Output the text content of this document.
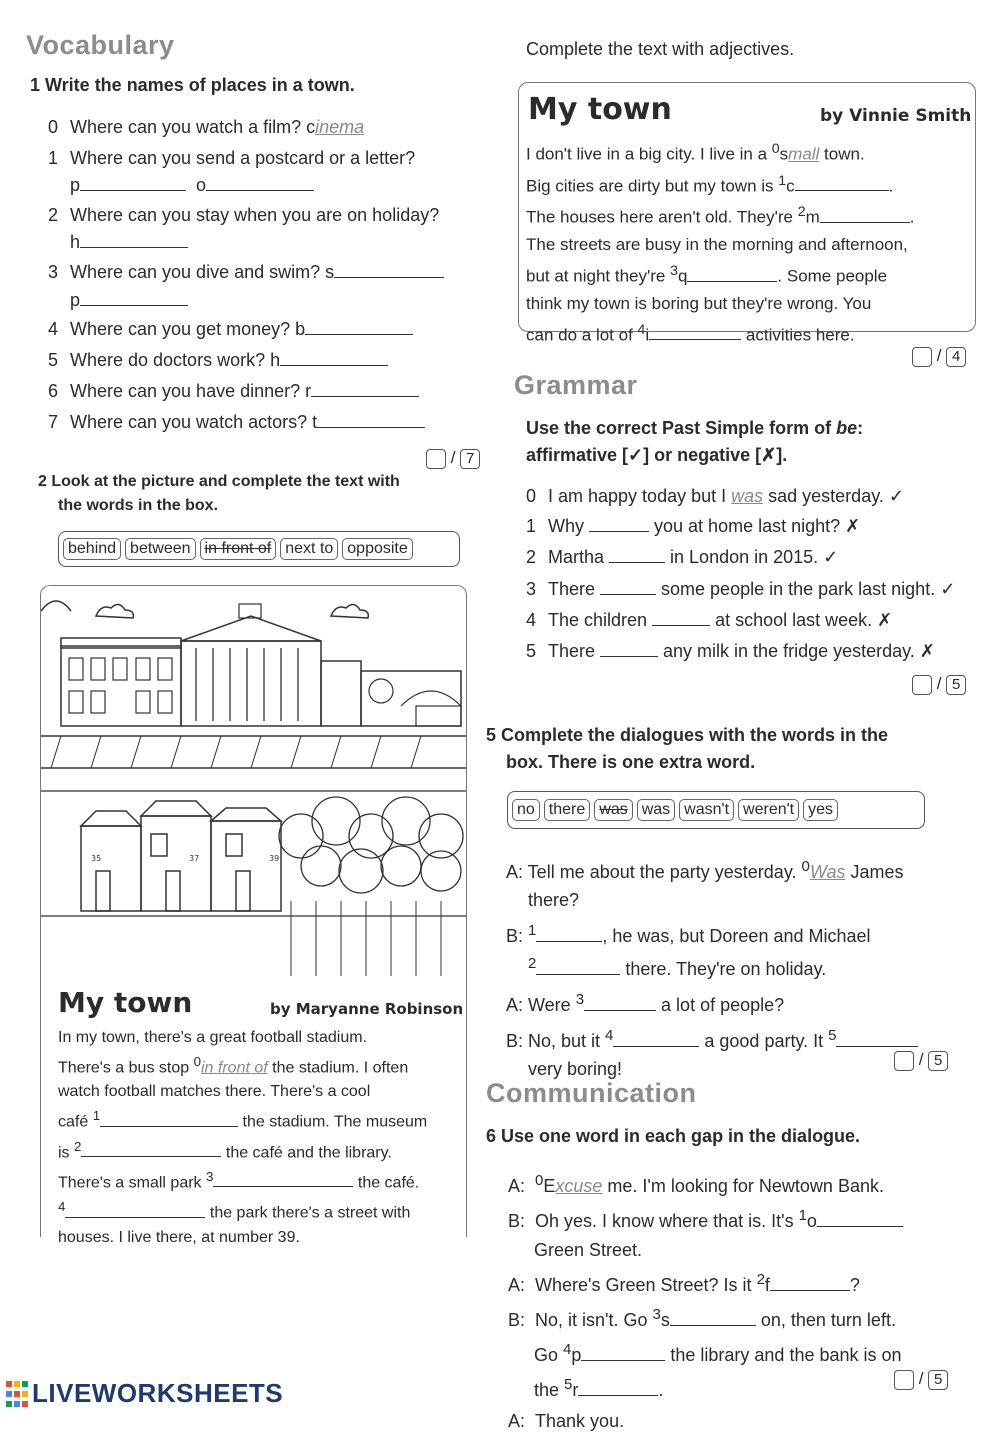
Vocabulary
1 Write the names of places in a town.
0 Where can you watch a film? cinema
1 Where can you send a postcard or a letter?
p	o
2 Where can you stay when you are on holiday?
h
3 Where can you dive and swim? s
p
4 Where can you get money? b
5 Where do doctors work? h
6 Where can you have dinner? r
7 Where can you watch actors? t
/ 7
2 Look at the picture and complete the text with
the words in the box.
behind between in front of next to opposite
35	37	39
My town	by Maryanne Robinson
In my town, there's a great football stadium.
There's a bus stop $^0$in front of the stadium. I often
watch football matches there. There's a cool
café $^1$	the stadium. The museum
is $^2$	the café and the library.
There's a small park $^3$	the café.
$^4$	the park there's a street with
houses. I live there, at number 39.
Complete the text with adjectives.
My town	by Vinnie Smith
I don't live in a big city. I live in a $^0$small town.
Big cities are dirty but my town is $^1$c	.
The houses here aren't old. They're $^2$m	.
The streets are busy in the morning and afternoon,
but at night they're $^3$q	. Some people
think my town is boring but they're wrong. You
can do a lot of $^4$i	activities here.
/ 4
Grammar
Use the correct Past Simple form of be:
affirmative [✓] or negative [✗].
0 I am happy today but I was sad yesterday. ✓
1 Why	you at home last night? ✗
2 Martha	in London in 2015. ✓
3 There	some people in the park last night. ✓
4 The children	at school last week. ✗
5 There	any milk in the fridge yesterday. ✗
/ 5
5 Complete the dialogues with the words in the
box. There is one extra word.
no there was was wasn't weren't yes
A: Tell me about the party yesterday. $^0$Was James
there?
B: $^1$	, he was, but Doreen and Michael
$^2$	there. They're on holiday.
A: Were $^3$	a lot of people?
B: No, but it $^4$	a good party. It $^5$
very boring!	/ 5
Communication
6 Use one word in each gap in the dialogue.
A: $^0$Excuse me. I'm looking for Newtown Bank.
B: Oh yes. I know where that is. It's $^1$o
Green Street.
A: Where's Green Street? Is it $^2$f	?
B: No, it isn't. Go $^3$s	on, then turn left.
Go $^4$p	the library and the bank is on
the $^5$r	.
A: Thank you.
/ 5
LIVEWORKSHEETS
